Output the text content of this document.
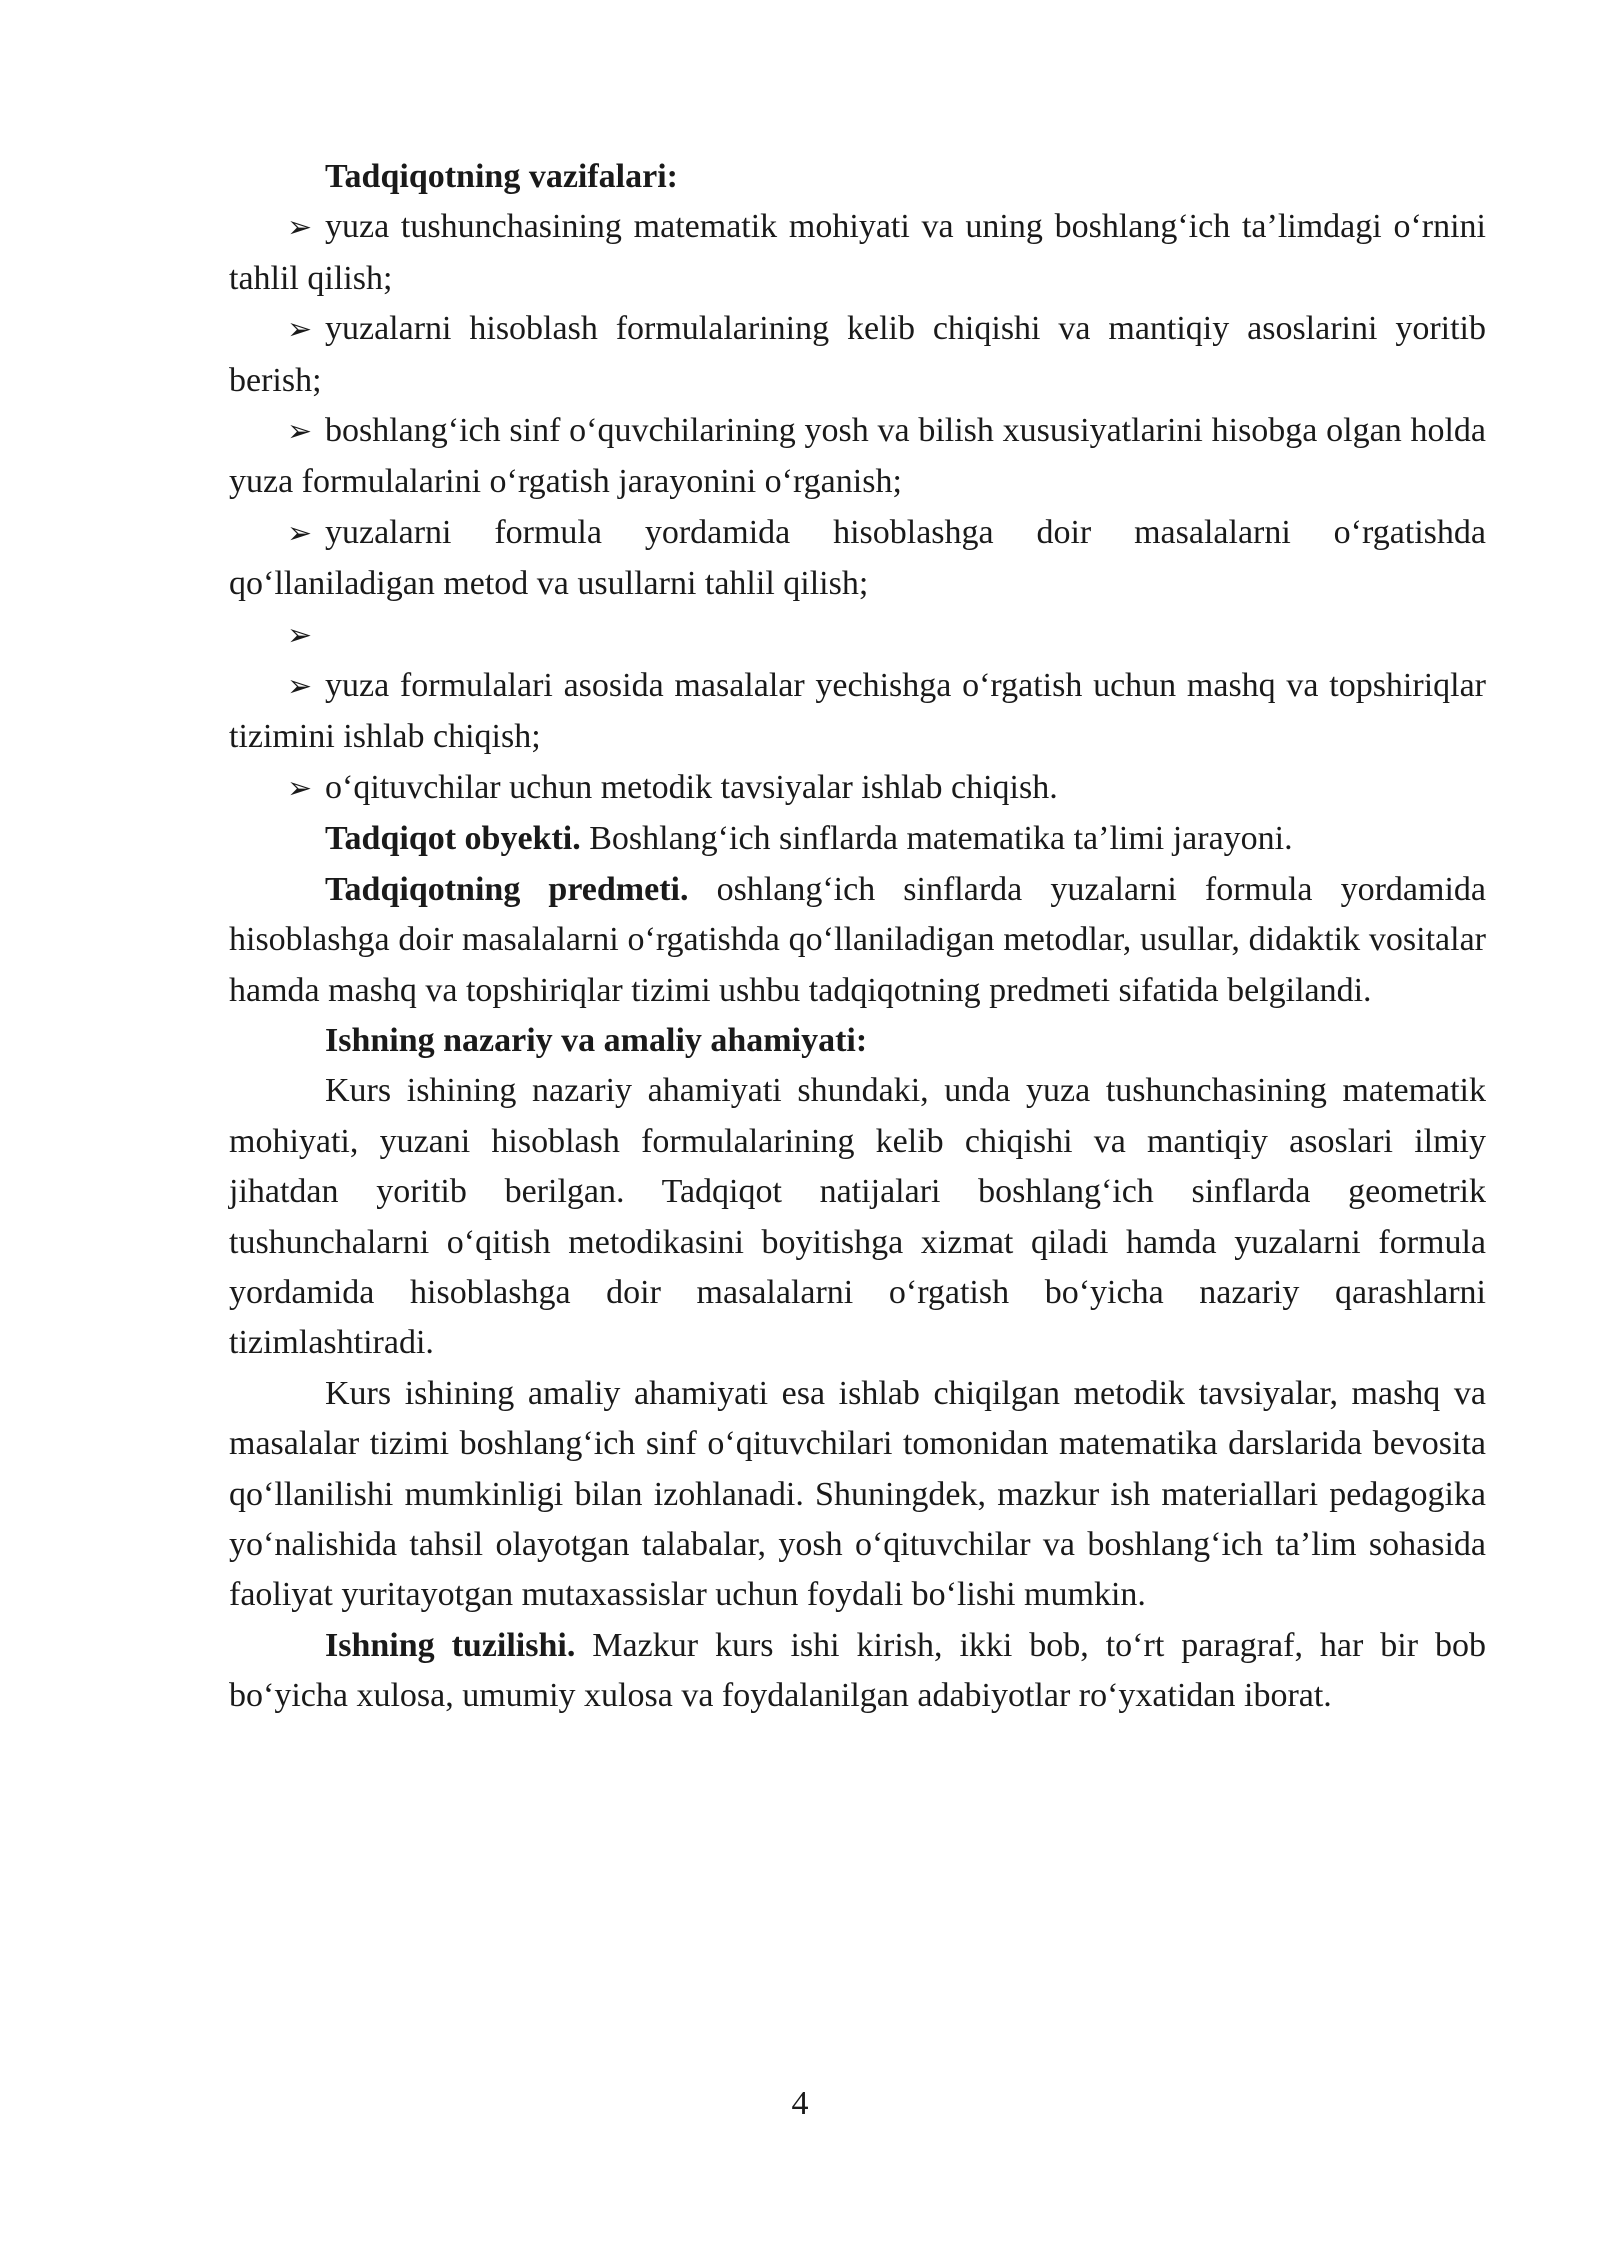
Tadqiqotning vazifalari:

➢ yuza tushunchasining matematik mohiyati va uning boshlang‘ich ta’limdagi o‘rnini tahlil qilish;

➢ yuzalarni hisoblash formulalarining kelib chiqishi va mantiqiy asoslarini yoritib berish;

➢ boshlang‘ich sinf o‘quvchilarining yosh va bilish xususiyatlarini hisobga olgan holda yuza formulalarini o‘rgatish jarayonini o‘rganish;

➢ yuzalarni formula yordamida hisoblashga doir masalalarni o‘rgatishda qo‘llaniladigan metod va usullarni tahlil qilish;

➢

➢ yuza formulalari asosida masalalar yechishga o‘rgatish uchun mashq va topshiriqlar tizimini ishlab chiqish;

➢ o‘qituvchilar uchun metodik tavsiyalar ishlab chiqish.

Tadqiqot obyekti. Boshlang‘ich sinflarda matematika ta’limi jarayoni.

Tadqiqotning predmeti. oshlang‘ich sinflarda yuzalarni formula yordamida hisoblashga doir masalalarni o‘rgatishda qo‘llaniladigan metodlar, usullar, didaktik vositalar hamda mashq va topshiriqlar tizimi ushbu tadqiqotning predmeti sifatida belgilandi.

Ishning nazariy va amaliy ahamiyati:

Kurs ishining nazariy ahamiyati shundaki, unda yuza tushunchasining matematik mohiyati, yuzani hisoblash formulalarining kelib chiqishi va mantiqiy asoslari ilmiy jihatdan yoritib berilgan. Tadqiqot natijalari boshlang‘ich sinflarda geometrik tushunchalarni o‘qitish metodikasini boyitishga xizmat qiladi hamda yuzalarni formula yordamida hisoblashga doir masalalarni o‘rgatish bo‘yicha nazariy qarashlarni tizimlashtiradi.

Kurs ishining amaliy ahamiyati esa ishlab chiqilgan metodik tavsiyalar, mashq va masalalar tizimi boshlang‘ich sinf o‘qituvchilari tomonidan matematika darslarida bevosita qo‘llanilishi mumkinligi bilan izohlanadi. Shuningdek, mazkur ish materiallari pedagogika yo‘nalishida tahsil olayotgan talabalar, yosh o‘qituvchilar va boshlang‘ich ta’lim sohasida faoliyat yuritayotgan mutaxassislar uchun foydali bo‘lishi mumkin.

Ishning tuzilishi. Mazkur kurs ishi kirish, ikki bob, to‘rt paragraf, har bir bob bo‘yicha xulosa, umumiy xulosa va foydalanilgan adabiyotlar ro‘yxatidan iborat.

4
